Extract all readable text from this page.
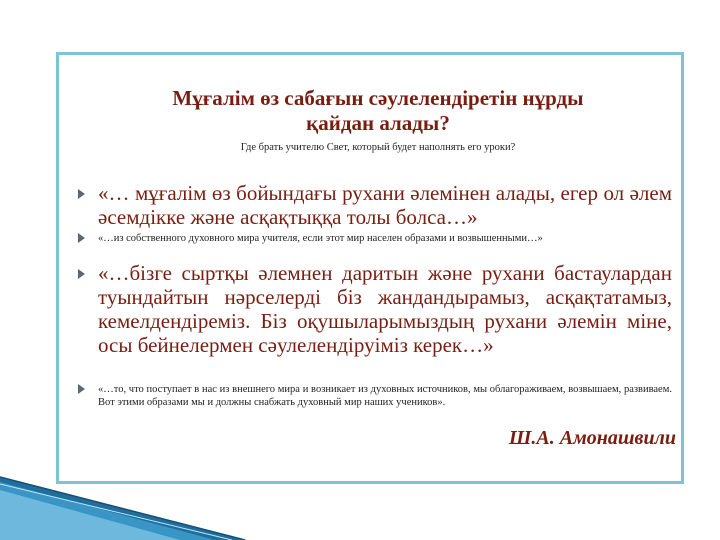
Мұғалім өз сабағын сәулелендіретін нұрды
қайдан алады?
Где брать учителю Свет, который будет наполнять его уроки?
«… мұғалім өз бойындағы рухани әлемінен алады, егер ол әлем әсемдікке және асқақтыққа толы болса…»
«…из собственного духовного мира учителя, если этот мир населен образами и возвышенными…»
«…бізге сыртқы әлемнен даритын және рухани бастаулардан туындайтын нәрселерді біз жандандырамыз, асқақтатамыз, кемелдендіреміз. Біз оқушыларымыздың рухани әлемін міне, осы бейнелермен сәулелендіруіміз керек…»
«…то, что поступает в нас из внешнего мира и возникает из духовных источников, мы облагораживаем, возвышаем, развиваем. Вот этими образами мы и должны снабжать духовный мир наших учеников».
Ш.А. Амонашвили
